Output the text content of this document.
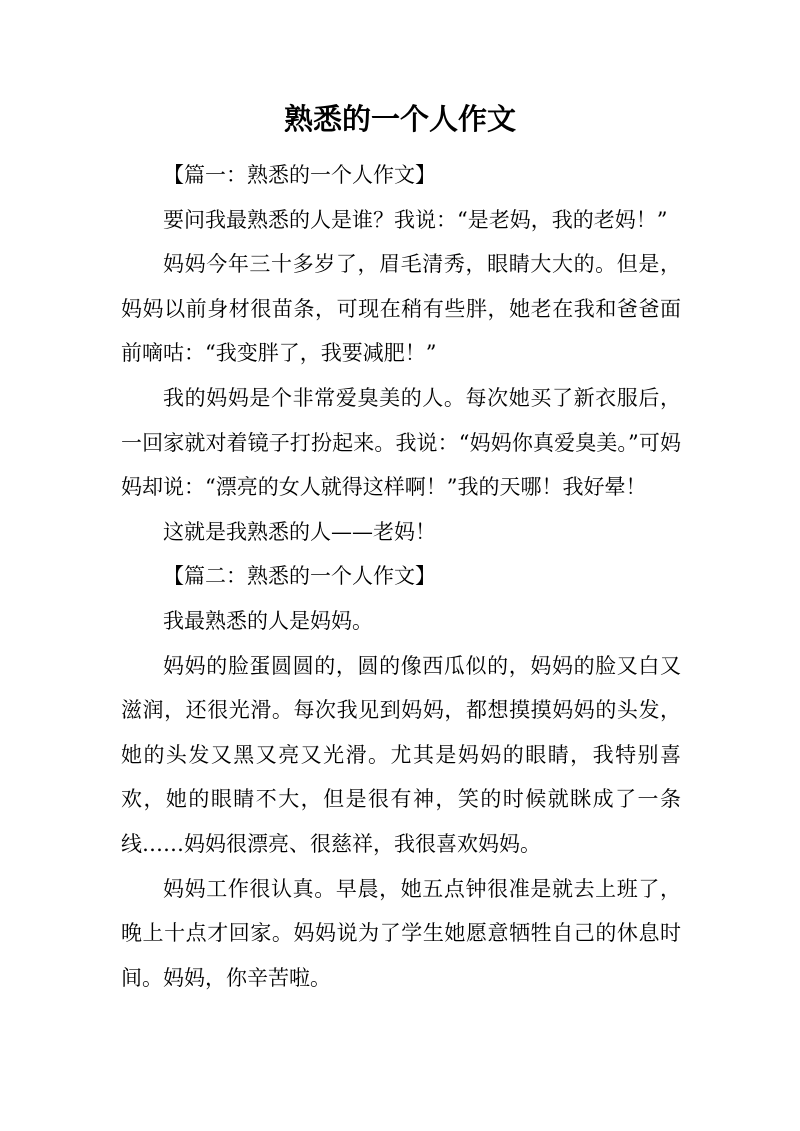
熟悉的一个人作文

【篇一：熟悉的一个人作文】

要问我最熟悉的人是谁？我说：“是老妈，我的老妈！”

妈妈今年三十多岁了，眉毛清秀，眼睛大大的。但是，妈妈以前身材很苗条，可现在稍有些胖，她老在我和爸爸面前嘀咕：“我变胖了，我要减肥！”

我的妈妈是个非常爱臭美的人。每次她买了新衣服后，一回家就对着镜子打扮起来。我说：“妈妈你真爱臭美。”可妈妈却说：“漂亮的女人就得这样啊！”我的天哪！我好晕！

这就是我熟悉的人——老妈！

【篇二：熟悉的一个人作文】

我最熟悉的人是妈妈。

妈妈的脸蛋圆圆的，圆的像西瓜似的，妈妈的脸又白又滋润，还很光滑。每次我见到妈妈，都想摸摸妈妈的头发，她的头发又黑又亮又光滑。尤其是妈妈的眼睛，我特别喜欢，她的眼睛不大，但是很有神，笑的时候就眯成了一条线……妈妈很漂亮、很慈祥，我很喜欢妈妈。

妈妈工作很认真。早晨，她五点钟很准是就去上班了，晚上十点才回家。妈妈说为了学生她愿意牺牲自己的休息时间。妈妈，你辛苦啦。
